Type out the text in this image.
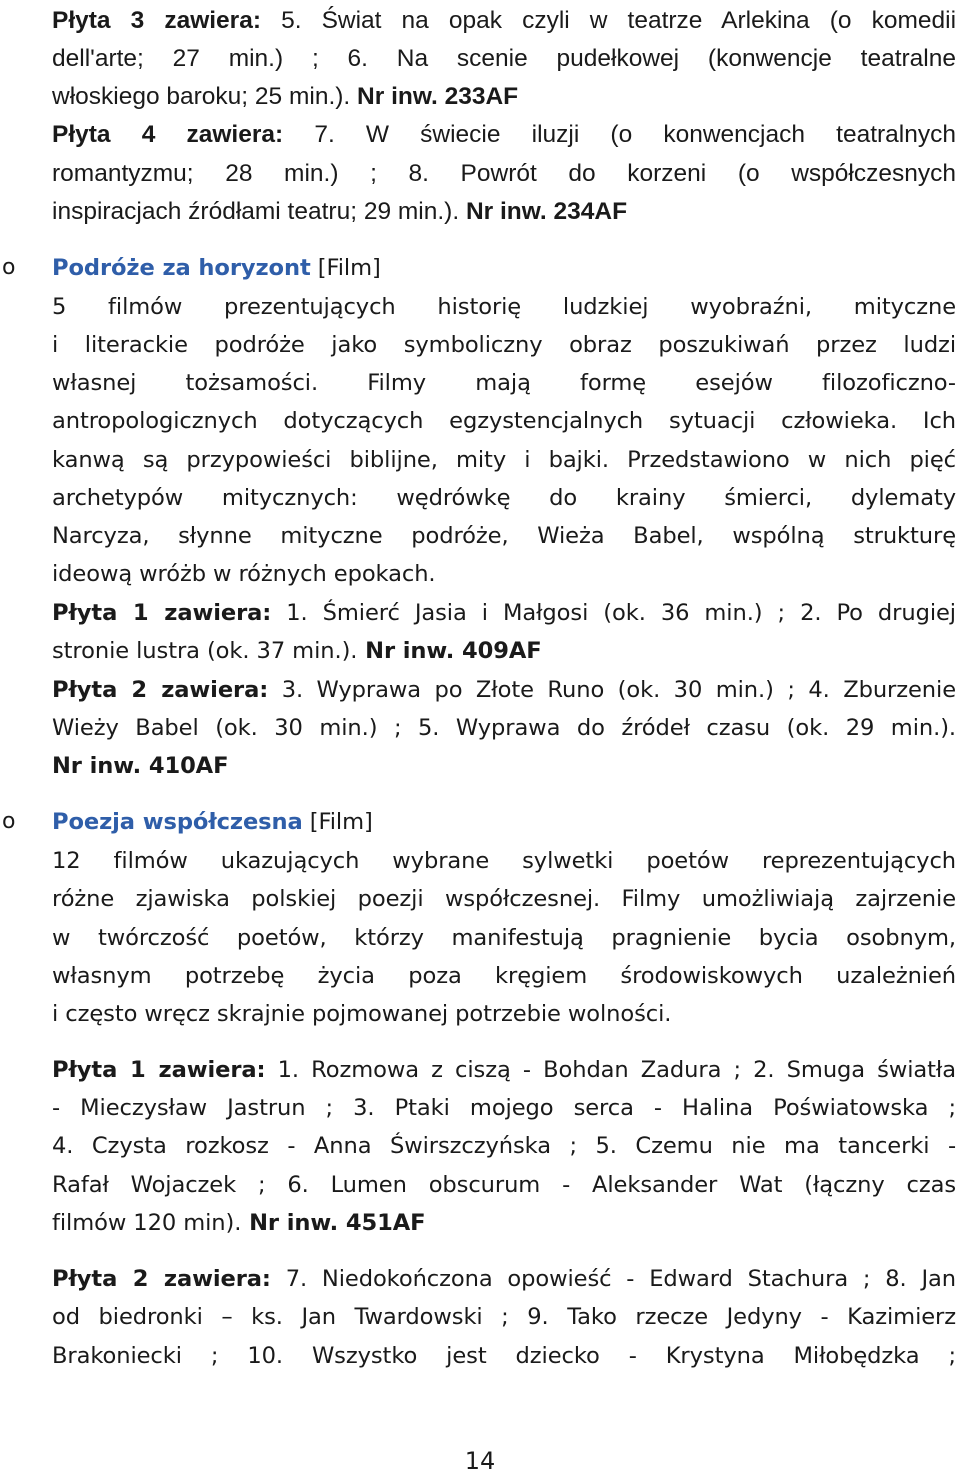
Płyta 3 zawiera: 5. Świat na opak czyli w teatrze Arlekina (o komedii
dell'arte; 27 min.) ; 6. Na scenie pudełkowej (konwencje teatralne
włoskiego baroku; 25 min.). Nr inw. 233AF
Płyta 4 zawiera: 7. W świecie iluzji (o konwencjach teatralnych
romantyzmu; 28 min.) ; 8. Powrót do korzeni (o współczesnych
inspiracjach źródłami teatru; 29 min.). Nr inw. 234AF
o Podróże za horyzont [Film]
5 filmów prezentujących historię ludzkiej wyobraźni, mityczne
i literackie podróże jako symboliczny obraz poszukiwań przez ludzi
własnej tożsamości. Filmy mają formę esejów filozoficzno-
antropologicznych dotyczących egzystencjalnych sytuacji człowieka. Ich
kanwą są przypowieści biblijne, mity i bajki. Przedstawiono w nich pięć
archetypów mitycznych: wędrówkę do krainy śmierci, dylematy
Narcyza, słynne mityczne podróże, Wieża Babel, wspólną strukturę
ideową wróżb w różnych epokach.
Płyta 1 zawiera: 1. Śmierć Jasia i Małgosi (ok. 36 min.) ; 2. Po drugiej
stronie lustra (ok. 37 min.). Nr inw. 409AF
Płyta 2 zawiera: 3. Wyprawa po Złote Runo (ok. 30 min.) ; 4. Zburzenie
Wieży Babel (ok. 30 min.) ; 5. Wyprawa do źródeł czasu (ok. 29 min.).
Nr inw. 410AF
o Poezja współczesna [Film]
12 filmów ukazujących wybrane sylwetki poetów reprezentujących
różne zjawiska polskiej poezji współczesnej. Filmy umożliwiają zajrzenie
w twórczość poetów, którzy manifestują pragnienie bycia osobnym,
własnym potrzebę życia poza kręgiem środowiskowych uzależnień
i często wręcz skrajnie pojmowanej potrzebie wolności.
Płyta 1 zawiera: 1. Rozmowa z ciszą - Bohdan Zadura ; 2. Smuga światła
- Mieczysław Jastrun ; 3. Ptaki mojego serca - Halina Poświatowska ;
4. Czysta rozkosz - Anna Świrszczyńska ; 5. Czemu nie ma tancerki -
Rafał Wojaczek ; 6. Lumen obscurum - Aleksander Wat (łączny czas
filmów 120 min). Nr inw. 451AF
Płyta 2 zawiera: 7. Niedokończona opowieść - Edward Stachura ; 8. Jan
od biedronki – ks. Jan Twardowski ; 9. Tako rzecze Jedyny - Kazimierz
Brakoniecki ; 10. Wszystko jest dziecko - Krystyna Miłobędzka ;
14
